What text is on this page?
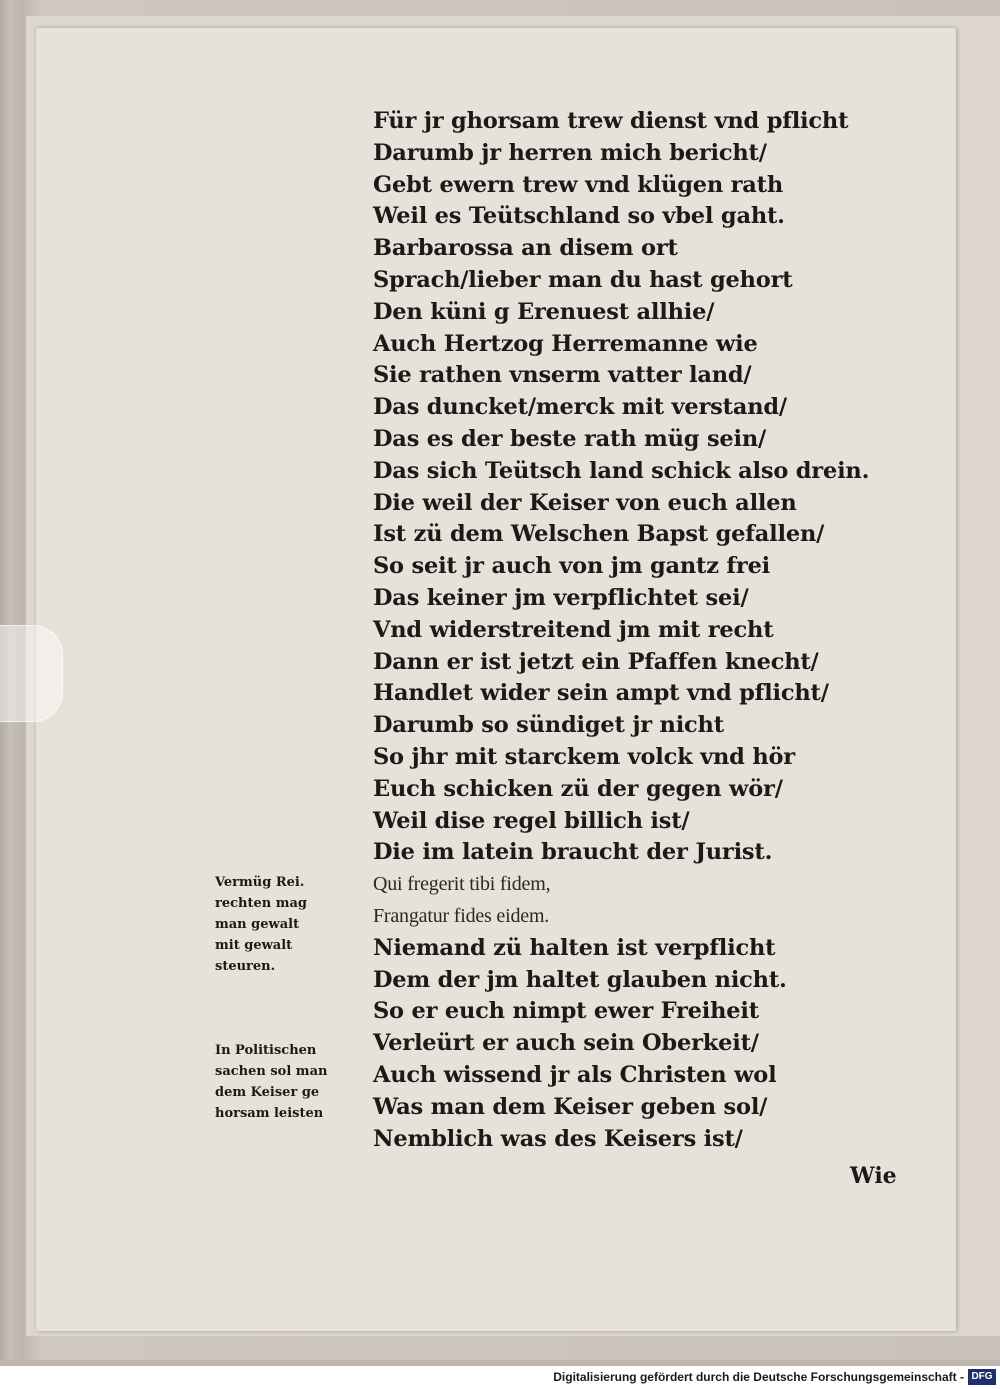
Für jr ghorsam trew dienst vnd pflicht
Darumb jr herren mich bericht/
Gebt ewern trew vnd klügen rath
Weil es Teütschland so vbel gaht.
Barbarossa an disem ort
Sprach/lieber man du hast gehort
Den küni g Erenuest allhie/
Auch Hertzog Herremanne wie
Sie rathen vnserm vatter land/
Das duncket/merck mit verstand/
Das es der beste rath müg sein/
Das sich Teütsch land schick also drein.
Die weil der Keiser von euch allen
Ist zü dem Welschen Bapst gefallen/
So seit jr auch von jm gantz frei
Das keiner jm verpflichtet sei/
Vnd widerstreitend jm mit recht
Dann er ist jetzt ein Pfaffen knecht/
Handlet wider sein ampt vnd pflicht/
Darumb so sündiget jr nicht
So jhr mit starckem volck vnd hör
Euch schicken zü der gegen wör/
Weil dise regel billich ist/
Die im latein braucht der Jurist.
Qui fregerit tibi fidem,
Frangatur fides eidem.
Niemand zü halten ist verpflicht
Dem der jm haltet glauben nicht.
So er euch nimpt ewer Freiheit
Verleürt er auch sein Oberkeit/
Auch wissend jr als Christen wol
Was man dem Keiser geben sol/
Nemblich was des Keisers ist/
Vermüg Rei.
rechten mag
man gewalt
mit gewalt
steuren.
In Politischen
sachen sol man
dem Keiser ge
horsam leisten
Wie
Digitalisierung gefördert durch die Deutsche Forschungsgemeinschaft - DFG
